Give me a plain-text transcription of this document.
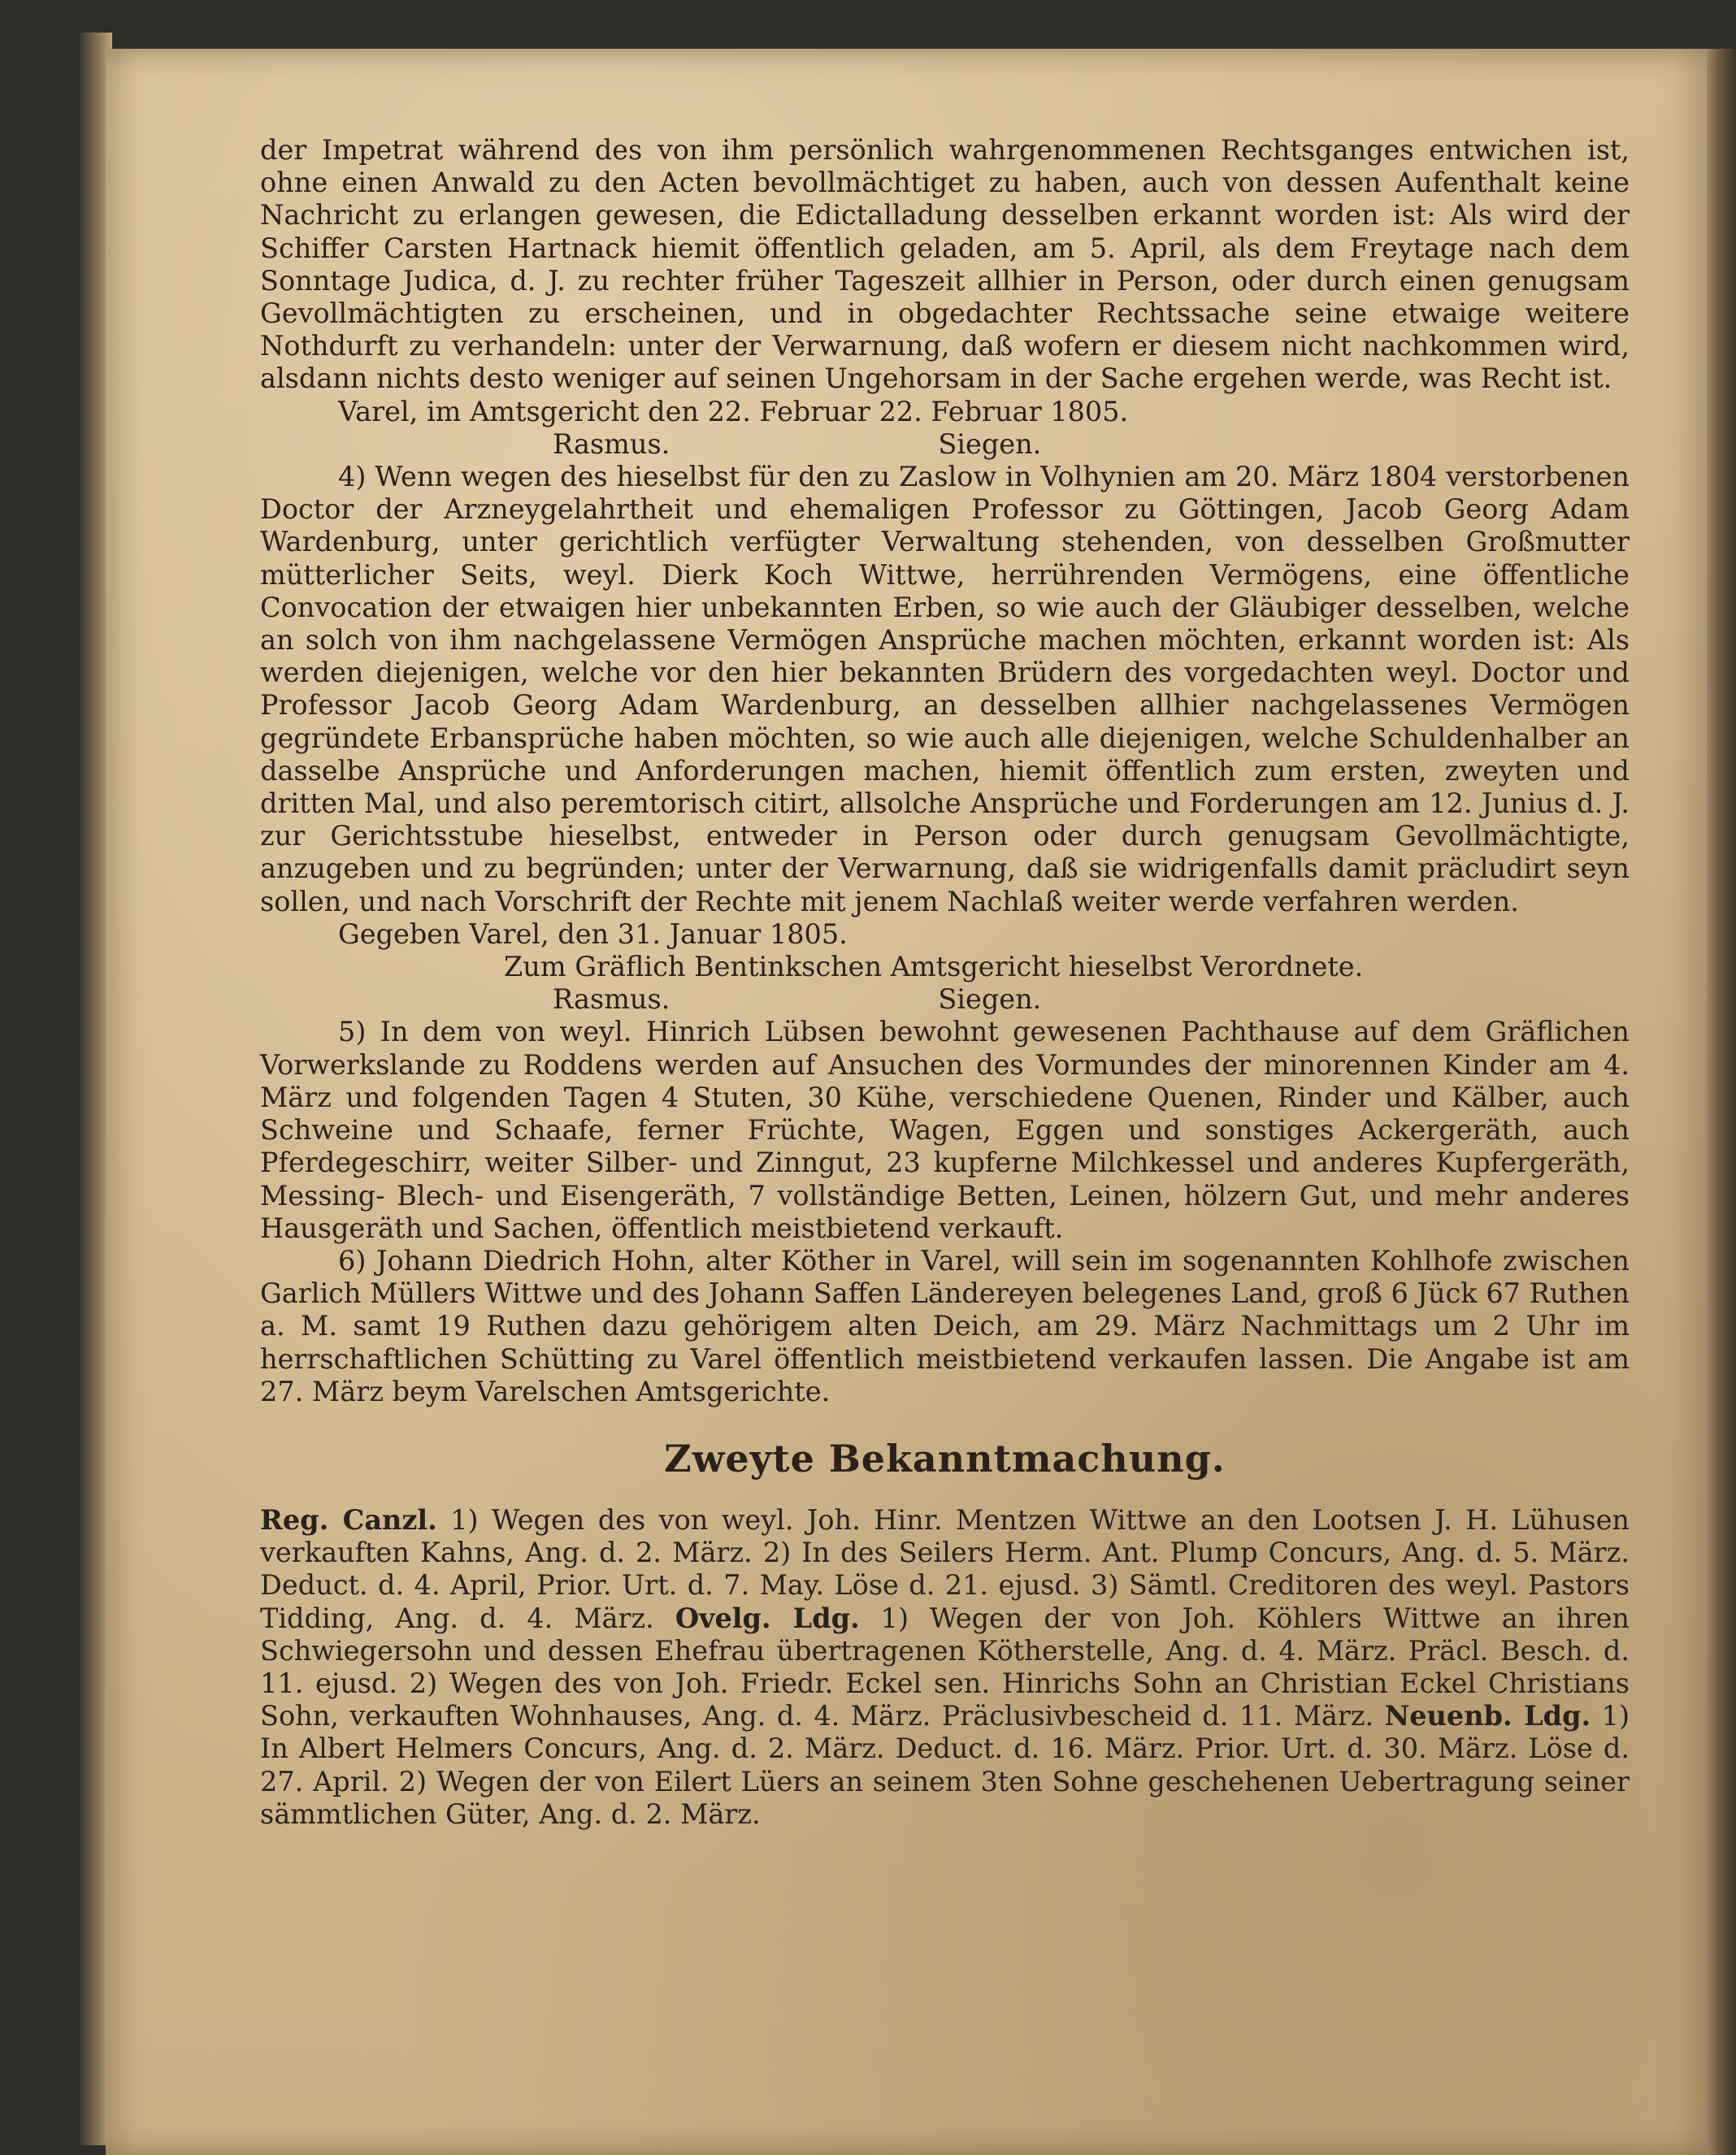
der Impetrat während des von ihm persönlich wahrgenommenen Rechtsganges entwichen ist, ohne einen Anwald zu den Acten bevollmächtiget zu haben, auch von dessen Aufenthalt keine Nachricht zu erlangen gewesen, die Edictalladung desselben erkannt worden ist: Als wird der Schiffer Carsten Hartnack hiemit öffentlich geladen, am 5. April, als dem Freytage nach dem Sonntage Judica, d. J. zu rechter früher Tageszeit allhier in Person, oder durch einen genugsam Gevollmächtigten zu erscheinen, und in obgedachter Rechtssache seine etwaige weitere Nothdurft zu verhandeln: unter der Verwarnung, daß wofern er diesem nicht nachkommen wird, alsdann nichts desto weniger auf seinen Ungehorsam in der Sache ergehen werde, was Recht ist.

Varel, im Amtsgericht den 22. Februar 22. Februar 1805.

Rasmus.	Siegen.

4) Wenn wegen des hieselbst für den zu Zaslow in Volhynien am 20. März 1804 verstorbenen Doctor der Arzneygelahrtheit und ehemaligen Professor zu Göttingen, Jacob Georg Adam Wardenburg, unter gerichtlich verfügter Verwaltung stehenden, von desselben Großmutter mütterlicher Seits, weyl. Dierk Koch Wittwe, herrührenden Vermögens, eine öffentliche Convocation der etwaigen hier unbekannten Erben, so wie auch der Gläubiger desselben, welche an solch von ihm nachgelassene Vermögen Ansprüche machen möchten, erkannt worden ist: Als werden diejenigen, welche vor den hier bekannten Brüdern des vorgedachten weyl. Doctor und Professor Jacob Georg Adam Wardenburg, an desselben allhier nachgelassenes Vermögen gegründete Erbansprüche haben möchten, so wie auch alle diejenigen, welche Schuldenhalber an dasselbe Ansprüche und Anforderungen machen, hiemit öffentlich zum ersten, zweyten und dritten Mal, und also peremtorisch citirt, allsolche Ansprüche und Forderungen am 12. Junius d. J. zur Gerichtsstube hieselbst, entweder in Person oder durch genugsam Gevollmächtigte, anzugeben und zu begründen; unter der Verwarnung, daß sie widrigenfalls damit präcludirt seyn sollen, und nach Vorschrift der Rechte mit jenem Nachlaß weiter werde verfahren werden.

Gegeben Varel, den 31. Januar 1805.

Zum Gräflich Bentinkschen Amtsgericht hieselbst Verordnete.

Rasmus.	Siegen.

5) In dem von weyl. Hinrich Lübsen bewohnt gewesenen Pachthause auf dem Gräflichen Vorwerkslande zu Roddens werden auf Ansuchen des Vormundes der minorennen Kinder am 4. März und folgenden Tagen 4 Stuten, 30 Kühe, verschiedene Quenen, Rinder und Kälber, auch Schweine und Schaafe, ferner Früchte, Wagen, Eggen und sonstiges Ackergeräth, auch Pferdegeschirr, weiter Silber- und Zinngut, 23 kupferne Milchkessel und anderes Kupfergeräth, Messing- Blech- und Eisengeräth, 7 vollständige Betten, Leinen, hölzern Gut, und mehr anderes Hausgeräth und Sachen, öffentlich meistbietend verkauft.

6) Johann Diedrich Hohn, alter Köther in Varel, will sein im sogenannten Kohlhofe zwischen Garlich Müllers Wittwe und des Johann Saffen Ländereyen belegenes Land, groß 6 Jück 67 Ruthen a. M. samt 19 Ruthen dazu gehörigem alten Deich, am 29. März Nachmittags um 2 Uhr im herrschaftlichen Schütting zu Varel öffentlich meistbietend verkaufen lassen. Die Angabe ist am 27. März beym Varelschen Amtsgerichte.

Zweyte Bekanntmachung.

Reg. Canzl. 1) Wegen des von weyl. Joh. Hinr. Mentzen Wittwe an den Lootsen J. H. Lühusen verkauften Kahns, Ang. d. 2. März. 2) In des Seilers Herm. Ant. Plump Concurs, Ang. d. 5. März. Deduct. d. 4. April, Prior. Urt. d. 7. May. Löse d. 21. ejusd. 3) Sämtl. Creditoren des weyl. Pastors Tidding, Ang. d. 4. März. Ovelg. Ldg. 1) Wegen der von Joh. Köhlers Wittwe an ihren Schwiegersohn und dessen Ehefrau übertragenen Kötherstelle, Ang. d. 4. März. Präcl. Besch. d. 11. ejusd. 2) Wegen des von Joh. Friedr. Eckel sen. Hinrichs Sohn an Christian Eckel Christians Sohn, verkauften Wohnhauses, Ang. d. 4. März. Präclusivbescheid d. 11. März. Neuenb. Ldg. 1) In Albert Helmers Concurs, Ang. d. 2. März. Deduct. d. 16. März. Prior. Urt. d. 30. März. Löse d. 27. April. 2) Wegen der von Eilert Lüers an seinem 3ten Sohne geschehenen Uebertragung seiner sämmtlichen Güter, Ang. d. 2. März.
